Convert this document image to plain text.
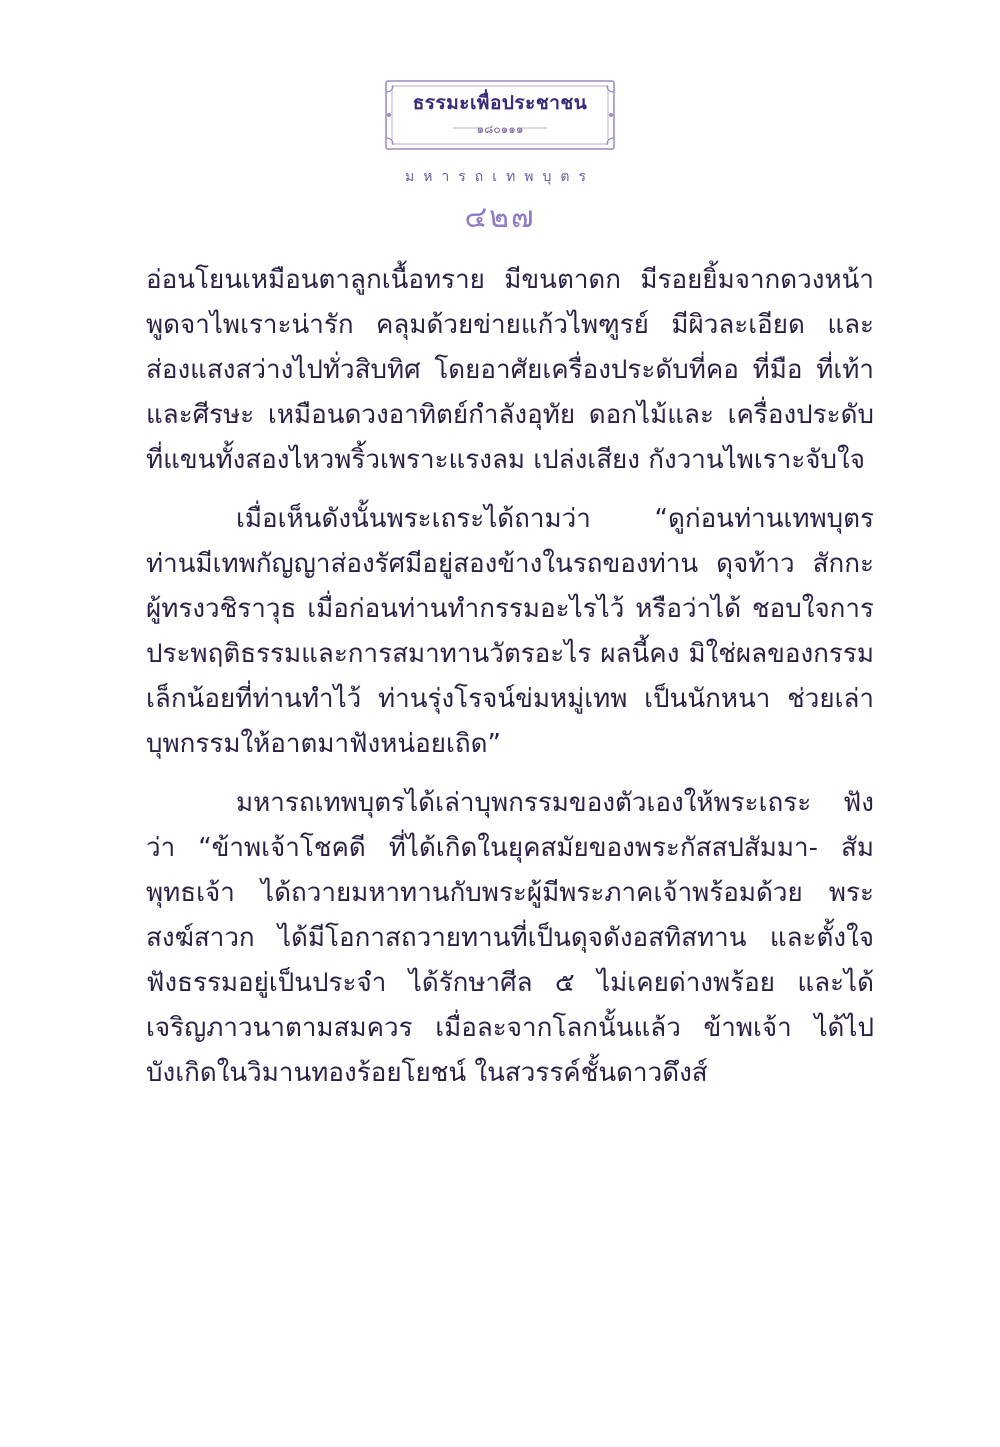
ธรรมะเพื่อประชาชน
๑๘๐๑๑๑
มหารถเทพบุตร
๔๒๗

อ่อนโยนเหมือนตาลูกเนื้อทราย มีขนตาดก มีรอยยิ้มจากดวงหน้า พูดจาไพเราะน่ารัก คลุมด้วยข่ายแก้วไพฑูรย์ มีผิวละเอียด และส่องแสงสว่างไปทั่วสิบทิศ โดยอาศัยเครื่องประดับที่คอ ที่มือ ที่เท้าและศีรษะ เหมือนดวงอาทิตย์กำลังอุทัย ดอกไม้และ เครื่องประดับที่แขนทั้งสองไหวพริ้วเพราะแรงลม เปล่งเสียง กังวานไพเราะจับใจ

เมื่อเห็นดังนั้นพระเถระได้ถามว่า “ดูก่อนท่านเทพบุตร ท่านมีเทพกัญญาส่องรัศมีอยู่สองข้างในรถของท่าน ดุจท้าว สักกะผู้ทรงวชิราวุธ เมื่อก่อนท่านทำกรรมอะไรไว้ หรือว่าได้ ชอบใจการประพฤติธรรมและการสมาทานวัตรอะไร ผลนี้คง มิใช่ผลของกรรมเล็กน้อยที่ท่านทำไว้ ท่านรุ่งโรจน์ข่มหมู่เทพ เป็นนักหนา ช่วยเล่าบุพกรรมให้อาตมาฟังหน่อยเถิด”

มหารถเทพบุตรได้เล่าบุพกรรมของตัวเองให้พระเถระ ฟังว่า “ข้าพเจ้าโชคดี ที่ได้เกิดในยุคสมัยของพระกัสสปสัมมา- สัมพุทธเจ้า ได้ถวายมหาทานกับพระผู้มีพระภาคเจ้าพร้อมด้วย พระสงฆ์สาวก ได้มีโอกาสถวายทานที่เป็นดุจดังอสทิสทาน และตั้งใจฟังธรรมอยู่เป็นประจำ ได้รักษาศีล ๕ ไม่เคยด่างพร้อย และได้เจริญภาวนาตามสมควร เมื่อละจากโลกนั้นแล้ว ข้าพเจ้า ได้ไปบังเกิดในวิมานทองร้อยโยชน์ ในสวรรค์ชั้นดาวดึงส์
